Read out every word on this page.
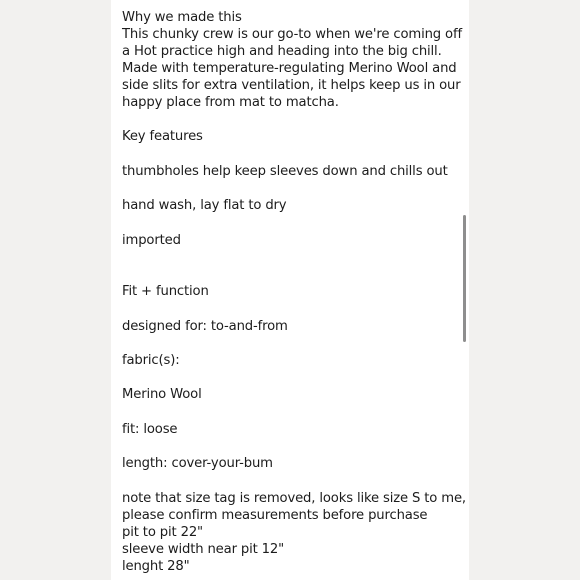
Why we made this
This chunky crew is our go-to when we're coming off
a Hot practice high and heading into the big chill.
Made with temperature-regulating Merino Wool and
side slits for extra ventilation, it helps keep us in our
happy place from mat to matcha.
Key features
thumbholes help keep sleeves down and chills out
hand wash, lay flat to dry
imported
Fit + function
designed for: to-and-from
fabric(s):
Merino Wool
fit: loose
length: cover-your-bum
note that size tag is removed, looks like size S to me,
please confirm measurements before purchase
pit to pit 22"
sleeve width near pit 12"
lenght 28"
